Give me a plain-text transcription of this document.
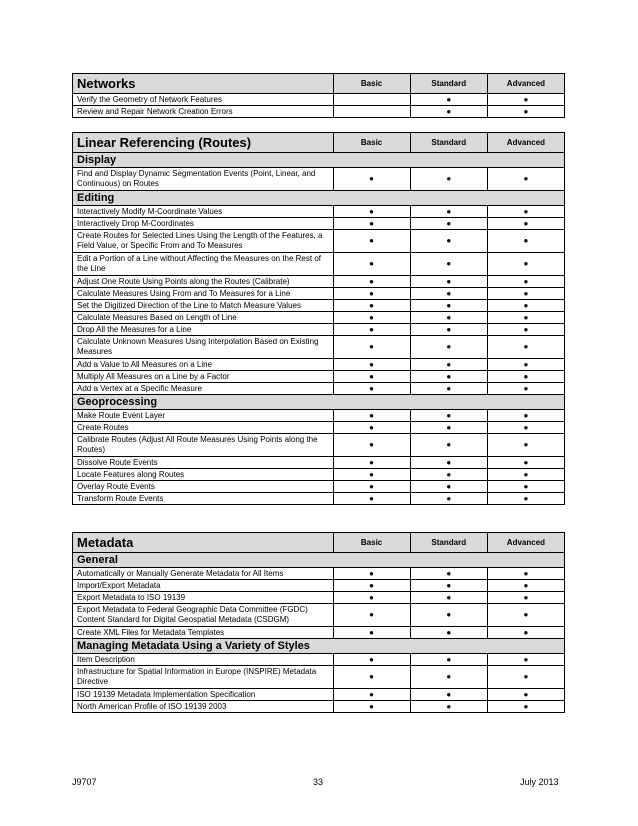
Networks	Basic	Standard	Advanced
Verify the Geometry of Network Features		●	●
Review and Repair Network Creation Errors		●	●
Linear Referencing (Routes)	Basic	Standard	Advanced
Display			
Find and Display Dynamic Segmentation Events (Point, Linear, and Continuous) on Routes	●	●	●
Editing			
Interactively Modify M-Coordinate Values	●	●	●
Interactively Drop M-Coordinates	●	●	●
Create Routes for Selected Lines Using the Length of the Features, a Field Value, or Specific From and To Measures	●	●	●
Edit a Portion of a Line without Affecting the Measures on the Rest of the Line	●	●	●
Adjust One Route Using Points along the Routes (Calibrate)	●	●	●
Calculate Measures Using From and To Measures for a Line	●	●	●
Set the Digitized Direction of the Line to Match Measure Values	●	●	●
Calculate Measures Based on Length of Line	●	●	●
Drop All the Measures for a Line	●	●	●
Calculate Unknown Measures Using Interpolation Based on Existing Measures	●	●	●
Add a Value to All Measures on a Line	●	●	●
Multiply All Measures on a Line by a Factor	●	●	●
Add a Vertex at a Specific Measure	●	●	●
Geoprocessing			
Make Route Event Layer	●	●	●
Create Routes	●	●	●
Calibrate Routes (Adjust All Route Measures Using Points along the Routes)	●	●	●
Dissolve Route Events	●	●	●
Locate Features along Routes	●	●	●
Overlay Route Events	●	●	●
Transform Route Events	●	●	●
Metadata	Basic	Standard	Advanced
General			
Automatically or Manually Generate Metadata for All Items	●	●	●
Import/Export Metadata	●	●	●
Export Metadata to ISO 19139	●	●	●
Export Metadata to Federal Geographic Data Committee (FGDC) Content Standard for Digital Geospatial Metadata (CSDGM)	●	●	●
Create XML Files for Metadata Templates	●	●	●
Managing Metadata Using a Variety of Styles			
Item Description	●	●	●
Infrastructure for Spatial Information in Europe (INSPIRE) Metadata Directive	●	●	●
ISO 19139 Metadata Implementation Specification	●	●	●
North American Profile of ISO 19139 2003	●	●	●
J9707	33	July 2013
